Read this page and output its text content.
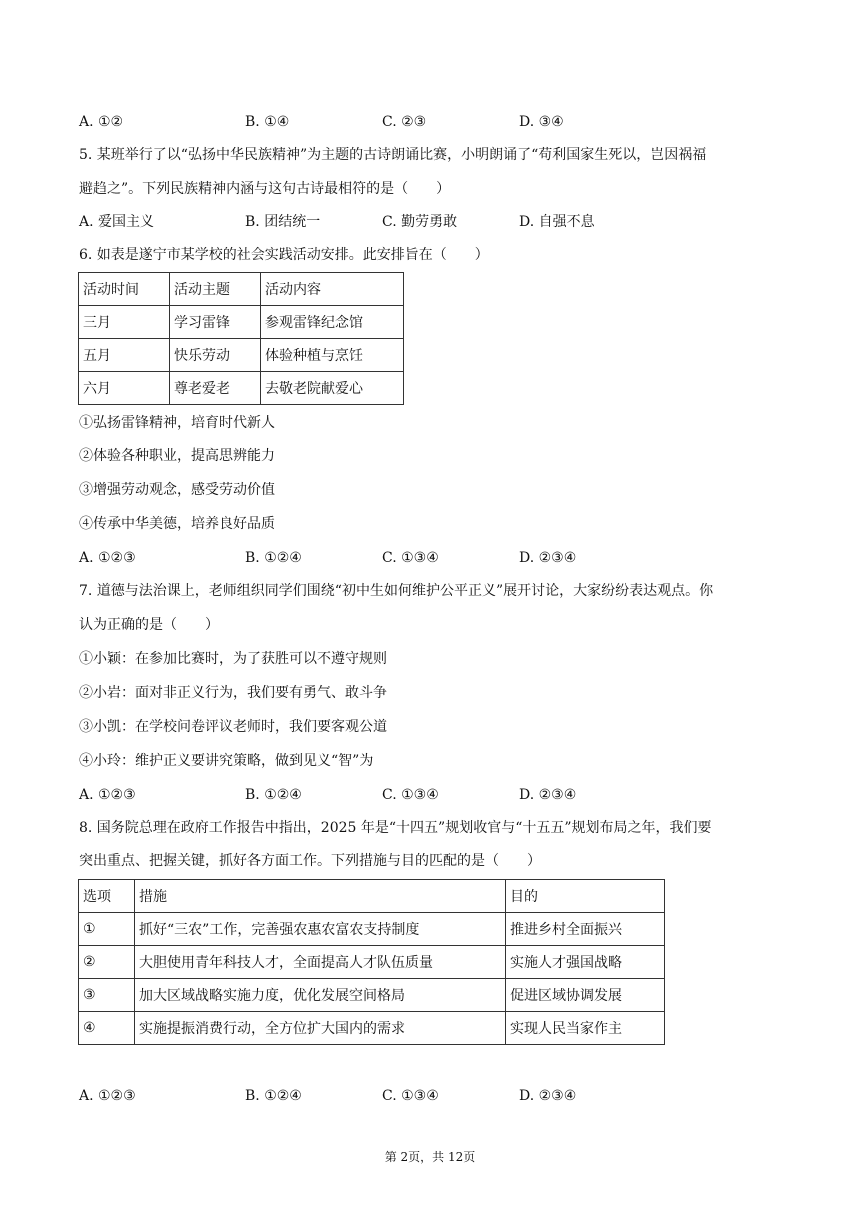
A. ①②	B. ①④	C. ②③	D. ③④
5. 某班举行了以“弘扬中华民族精神”为主题的古诗朗诵比赛，小明朗诵了“苟利国家生死以，岂因祸福
避趋之”。下列民族精神内涵与这句古诗最相符的是（　　）
A. 爱国主义	B. 团结统一	C. 勤劳勇敢	D. 自强不息
6. 如表是遂宁市某学校的社会实践活动安排。此安排旨在（　　）
活动时间	活动主题	活动内容
三月	学习雷锋	参观雷锋纪念馆
五月	快乐劳动	体验种植与烹饪
六月	尊老爱老	去敬老院献爱心
①弘扬雷锋精神，培育时代新人
②体验各种职业，提高思辨能力
③增强劳动观念，感受劳动价值
④传承中华美德，培养良好品质
A. ①②③	B. ①②④	C. ①③④	D. ②③④
7. 道德与法治课上，老师组织同学们围绕“初中生如何维护公平正义”展开讨论，大家纷纷表达观点。你
认为正确的是（　　）
①小颖：在参加比赛时，为了获胜可以不遵守规则
②小岩：面对非正义行为，我们要有勇气、敢斗争
③小凯：在学校问卷评议老师时，我们要客观公道
④小玲：维护正义要讲究策略，做到见义“智”为
A. ①②③	B. ①②④	C. ①③④	D. ②③④
8. 国务院总理在政府工作报告中指出，2025 年是“十四五”规划收官与“十五五”规划布局之年，我们要
突出重点、把握关键，抓好各方面工作。下列措施与目的匹配的是（　　）
选项	措施	目的
①	抓好“三农”工作，完善强农惠农富农支持制度	推进乡村全面振兴
②	大胆使用青年科技人才，全面提高人才队伍质量	实施人才强国战略
③	加大区域战略实施力度，优化发展空间格局	促进区域协调发展
④	实施提振消费行动，全方位扩大国内的需求	实现人民当家作主
A. ①②③	B. ①②④	C. ①③④	D. ②③④
第 2页，共 12页
